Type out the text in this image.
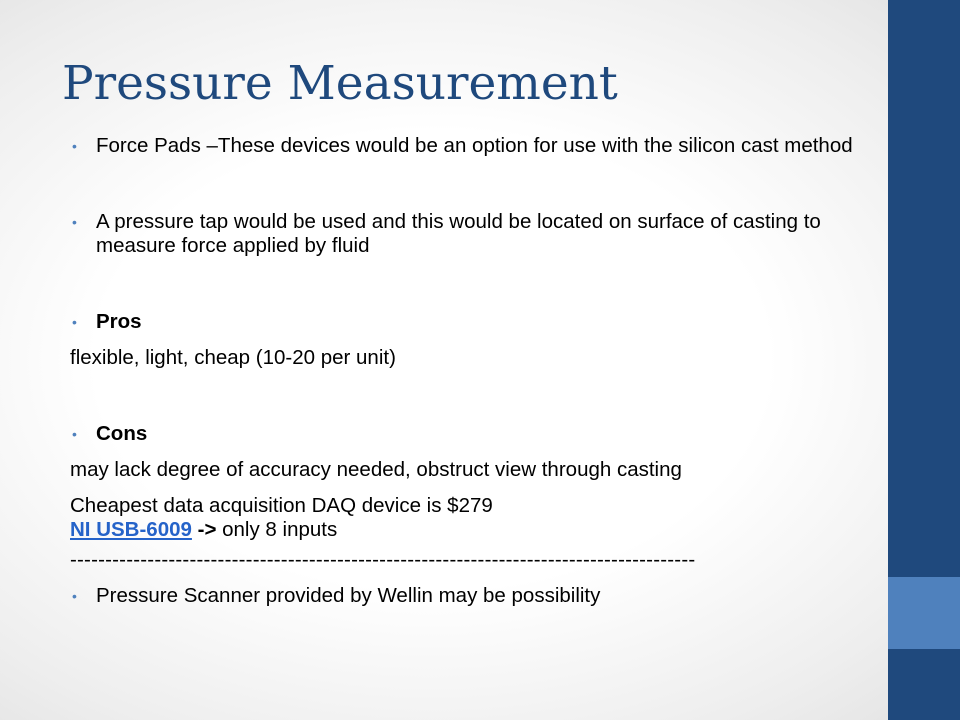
Pressure Measurement
• Force Pads –These devices would be an option for use with the silicon cast method
• A pressure tap would be used and this would be located on surface of casting to measure force applied by fluid
• Pros
flexible, light, cheap (10-20 per unit)
• Cons
may lack degree of accuracy needed, obstruct view through casting
Cheapest data acquisition DAQ device is $279
NI USB-6009 -> only 8 inputs
-----------------------------------------------------------------------------------------
• Pressure Scanner provided by Wellin may be possibility
